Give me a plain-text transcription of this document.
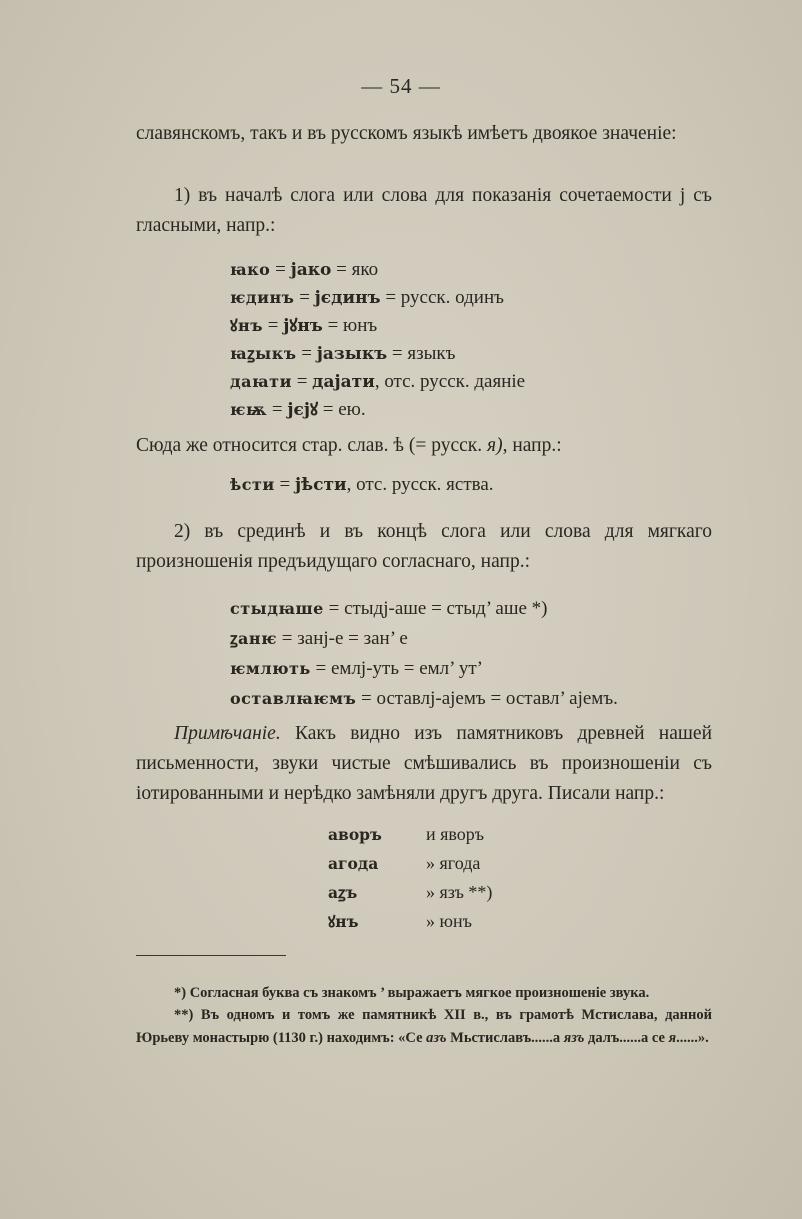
— 54 —

славянскомъ, такъ и въ русскомъ языкѣ имѣетъ двоякое значеніе:

1) въ началѣ слога или слова для показанія сочетаемости j съ гласными, напр.:

ꙗко = jако = яко
ѥдинъ = jєдинъ = русск. одинъ
ꙋнъ = jꙋнъ = юнъ
ꙗꙁыкъ = jазыкъ = языкъ
даꙗти = даjати, отс. русск. даяніе
ѥѭ = jєjꙋ = ею.

Сюда же относится стар. слав. ѣ (= русск. я), напр.:

ѣсти = jѣсти, отс. русск. яства.

2) въ срединѣ и въ концѣ слога или слова для мягкаго произношенія предъидущаго согласнаго, напр.:

стыдꙗше = стыдj-аше = стыд’ аше *)
ꙁанѥ = занj-е = зан’ е
ѥмлють = емлj-уть = емл’ ут’
оставлꙗѥмъ = оставлj-аjемъ = оставл’ аjемъ.

Примѣчаніе. Какъ видно изъ памятниковъ древней нашей письменности, звуки чистые смѣшивались въ произношеніи съ іотированными и нерѣдко замѣняли другъ друга. Писали напр.:

аворъ	и яворъ
агода	» ягода
аꙁъ	» язъ **)
ꙋнъ	» юнъ

*) Согласная буква съ знакомъ ’ выражаетъ мягкое произношеніе звука.

**) Въ одномъ и томъ же памятникѣ XII в., въ грамотѣ Мстислава, данной Юрьеву монастырю (1130 г.) находимъ: «Се азъ Мьстиславъ......а язъ далъ......а се я......».
